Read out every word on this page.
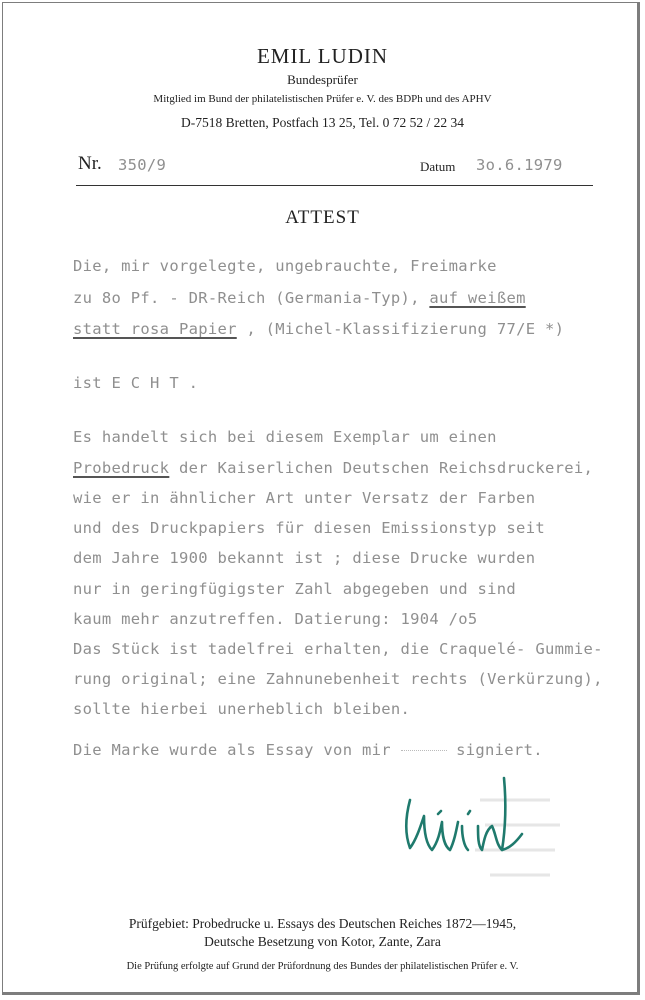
EMIL LUDIN
Bundesprüfer
Mitglied im Bund der philatelistischen Prüfer e. V. des BDPh und des APHV
D-7518 Bretten, Postfach 13 25, Tel. 0 72 52 / 22 34
Nr. 350/9	Datum 3o.6.1979
ATTEST
Die, mir vorgelegte, ungebrauchte, Freimarke
zu 8o Pf. - DR-Reich (Germania-Typ), auf weißem
statt rosa Papier , (Michel-Klassifizierung 77/E *)
ist E C H T .
Es handelt sich bei diesem Exemplar um einen
Probedruck der Kaiserlichen Deutschen Reichsdruckerei,
wie er in ähnlicher Art unter Versatz der Farben
und des Druckpapiers für diesen Emissionstyp seit
dem Jahre 1900 bekannt ist ; diese Drucke wurden
nur in geringfügigster Zahl abgegeben und sind
kaum mehr anzutreffen. Datierung: 1904 /o5
Das Stück ist tadelfrei erhalten, die Craquelé- Gummie-
rung original; eine Zahnunebenheit rechts (Verkürzung),
sollte hierbei unerheblich bleiben.
Die Marke wurde als Essay von mir	signiert.
Prüfgebiet: Probedrucke u. Essays des Deutschen Reiches 1872—1945,
Deutsche Besetzung von Kotor, Zante, Zara
Die Prüfung erfolgte auf Grund der Prüfordnung des Bundes der philatelistischen Prüfer e. V.
